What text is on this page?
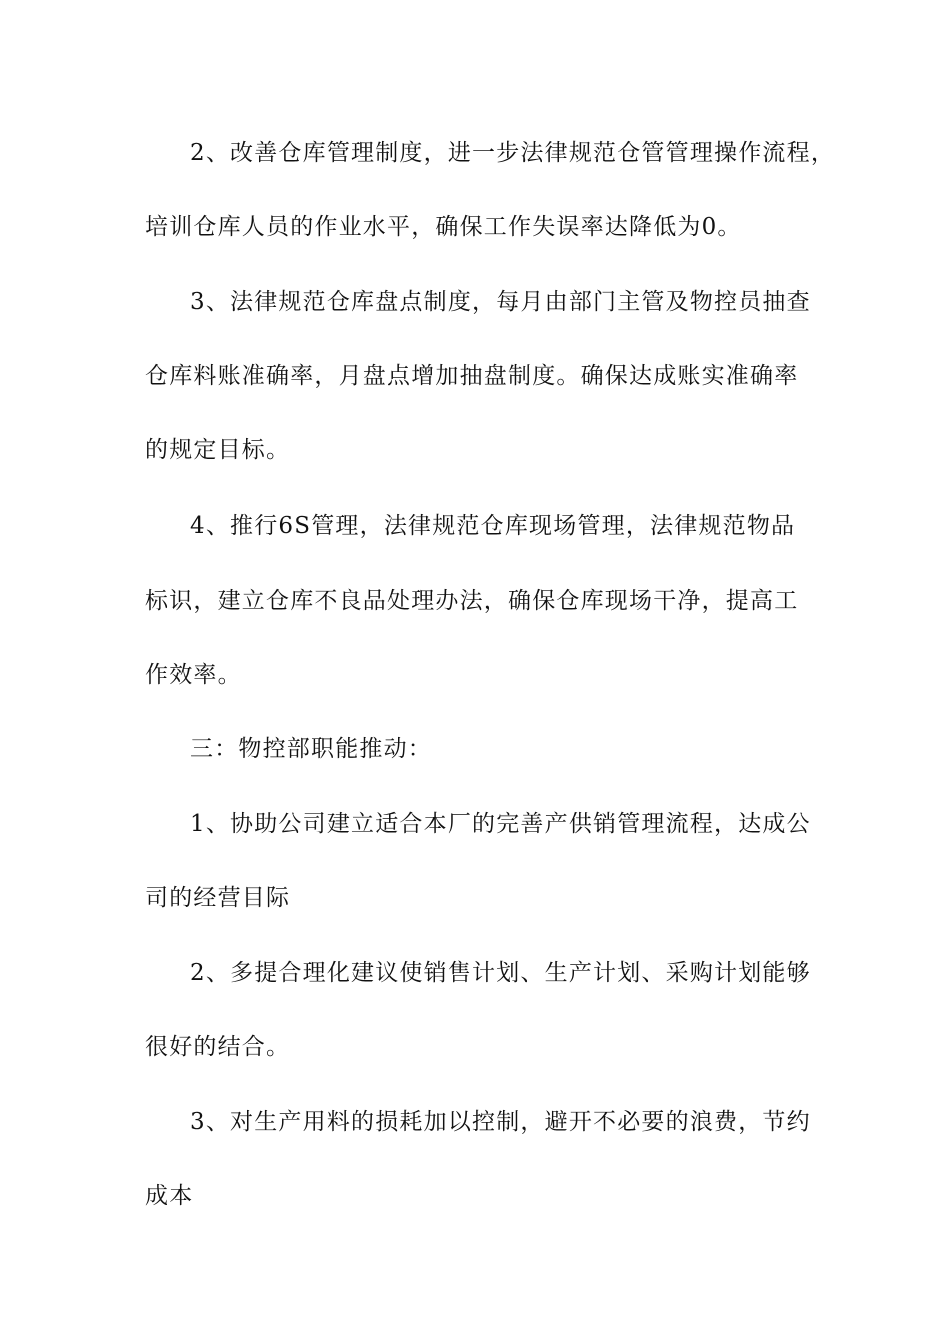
2、改善仓库管理制度，进一步法律规范仓管管理操作流程，
培训仓库人员的作业水平，确保工作失误率达降低为0。
3、法律规范仓库盘点制度，每月由部门主管及物控员抽查
仓库料账准确率，月盘点增加抽盘制度。确保达成账实准确率
的规定目标。
4、推行6S管理，法律规范仓库现场管理，法律规范物品
标识，建立仓库不良品处理办法，确保仓库现场干净，提高工
作效率。
三：物控部职能推动：
1、协助公司建立适合本厂的完善产供销管理流程，达成公
司的经营目际
2、多提合理化建议使销售计划、生产计划、采购计划能够
很好的结合。
3、对生产用料的损耗加以控制，避开不必要的浪费，节约
成本
